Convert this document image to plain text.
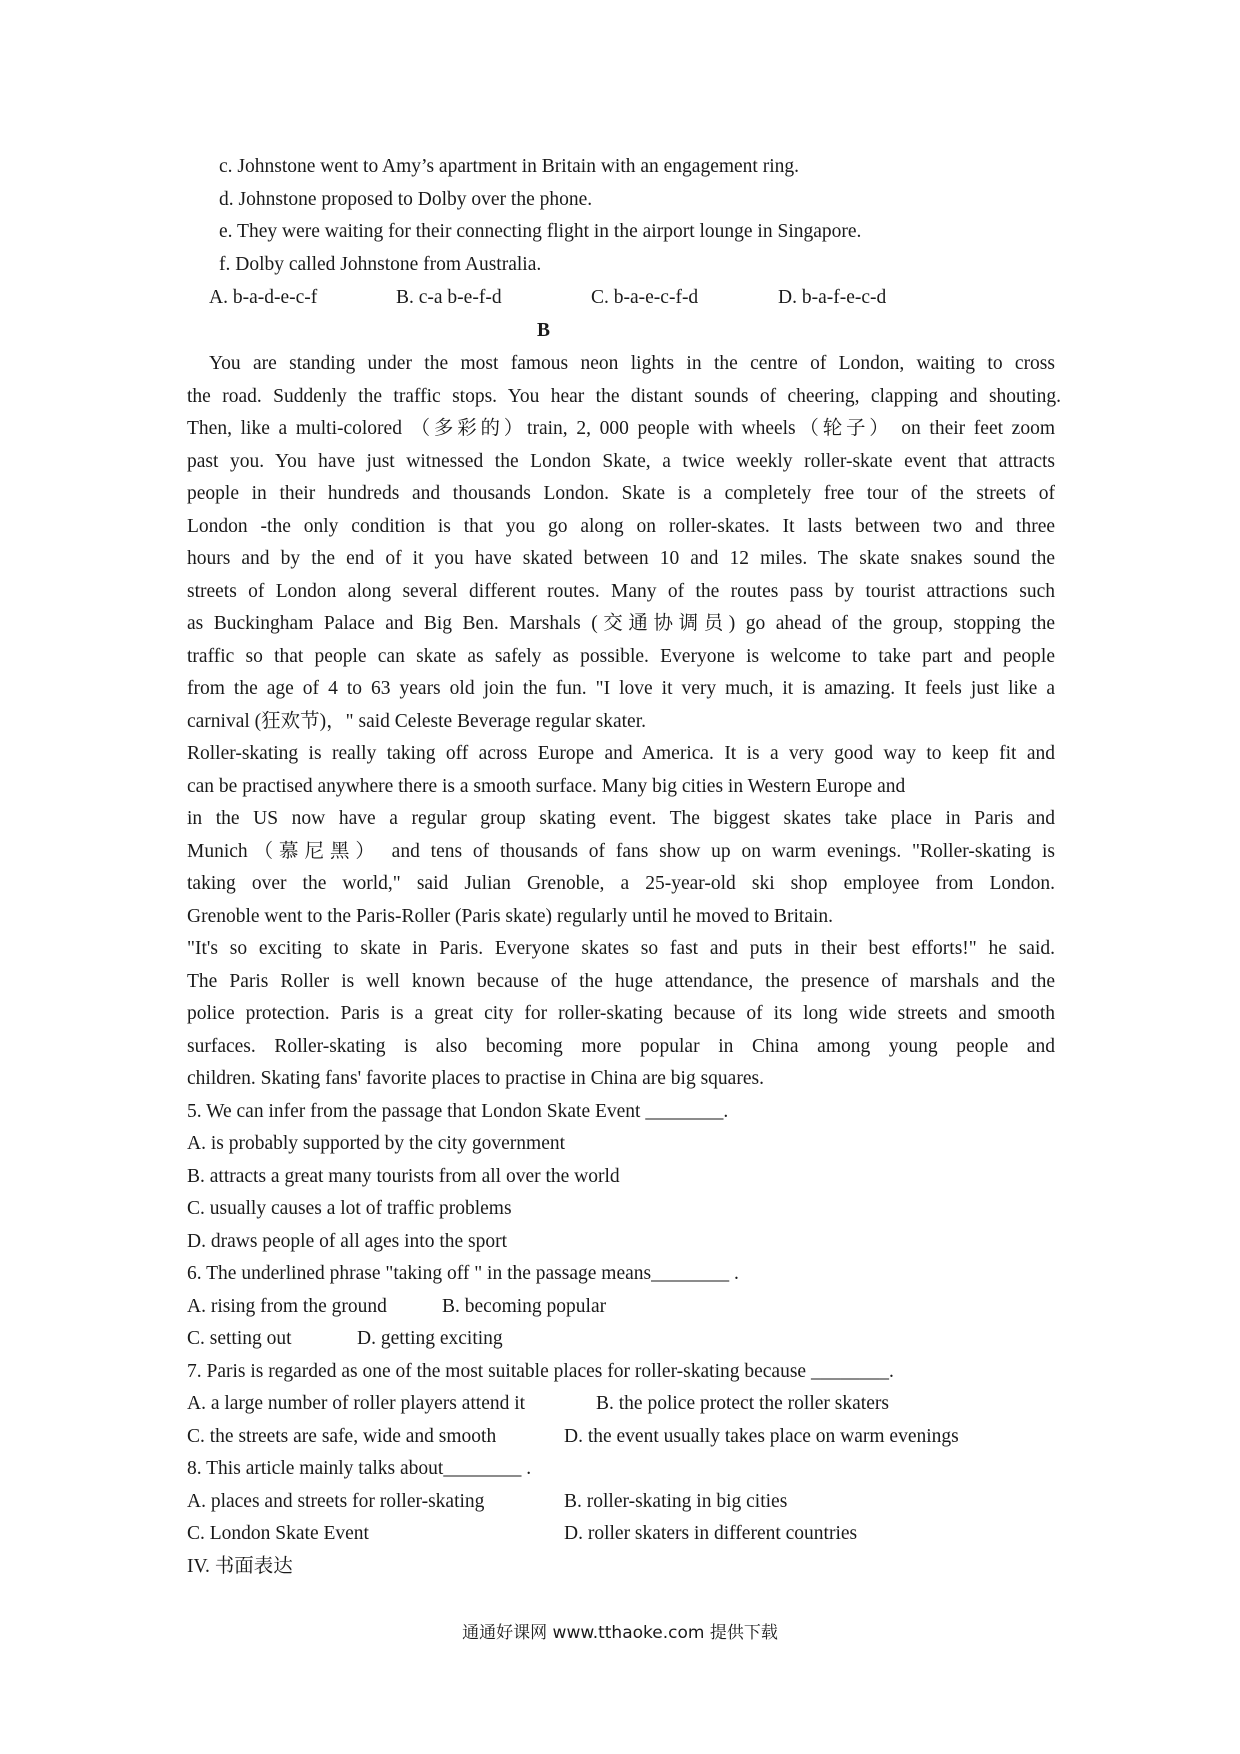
c. Johnstone went to Amy’s apartment in Britain with an engagement ring.
d. Johnstone proposed to Dolby over the phone.
e. They were waiting for their connecting flight in the airport lounge in Singapore.
f. Dolby called Johnstone from Australia.
A. b-a-d-e-c-f	B. c-a b-e-f-d	C. b-a-e-c-f-d	D. b-a-f-e-c-d
B
You are standing under the most famous neon lights in the centre of London, waiting to cross
the road. Suddenly the traffic stops. You hear the distant sounds of cheering, clapping and shouting.
Then, like a multi-colored （多彩的）train, 2, 000 people with wheels（轮子） on their feet zoom
past you. You have just witnessed the London Skate, a twice weekly roller-skate event that attracts
people in their hundreds and thousands London. Skate is a completely free tour of the streets of
London -the only condition is that you go along on roller-skates. It lasts between two and three
hours and by the end of it you have skated between 10 and 12 miles. The skate snakes sound the
streets of London along several different routes. Many of the routes pass by tourist attractions such
as Buckingham Palace and Big Ben. Marshals (交通协调员) go ahead of the group, stopping the
traffic so that people can skate as safely as possible. Everyone is welcome to take part and people
from the age of 4 to 63 years old join the fun. "I love it very much, it is amazing. It feels just like a
carnival (狂欢节)，" said Celeste Beverage regular skater.
Roller-skating is really taking off across Europe and America. It is a very good way to keep fit and
can be practised anywhere there is a smooth surface. Many big cities in Western Europe and
in the US now have a regular group skating event. The biggest skates take place in Paris and
Munich（慕尼黑） and tens of thousands of fans show up on warm evenings. "Roller-skating is
taking over the world," said Julian Grenoble, a 25-year-old ski shop employee from London.
Grenoble went to the Paris-Roller (Paris skate) regularly until he moved to Britain.
"It's so exciting to skate in Paris. Everyone skates so fast and puts in their best efforts!" he said.
The Paris Roller is well known because of the huge attendance, the presence of marshals and the
police protection. Paris is a great city for roller-skating because of its long wide streets and smooth
surfaces. Roller-skating is also becoming more popular in China among young people and
children. Skating fans' favorite places to practise in China are big squares.
5. We can infer from the passage that London Skate Event ________.
A. is probably supported by the city government
B. attracts a great many tourists from all over the world
C. usually causes a lot of traffic problems
D. draws people of all ages into the sport
6. The underlined phrase "taking off " in the passage means________ .
A. rising from the ground	B. becoming popular
C. setting out	D. getting exciting
7. Paris is regarded as one of the most suitable places for roller-skating because ________.
A. a large number of roller players attend it	B. the police protect the roller skaters
C. the streets are safe, wide and smooth	D. the event usually takes place on warm evenings
8. This article mainly talks about________ .
A. places and streets for roller-skating	B. roller-skating in big cities
C. London Skate Event	D. roller skaters in different countries
IV. 书面表达
通通好课网 www.tthaoke.com 提供下载
